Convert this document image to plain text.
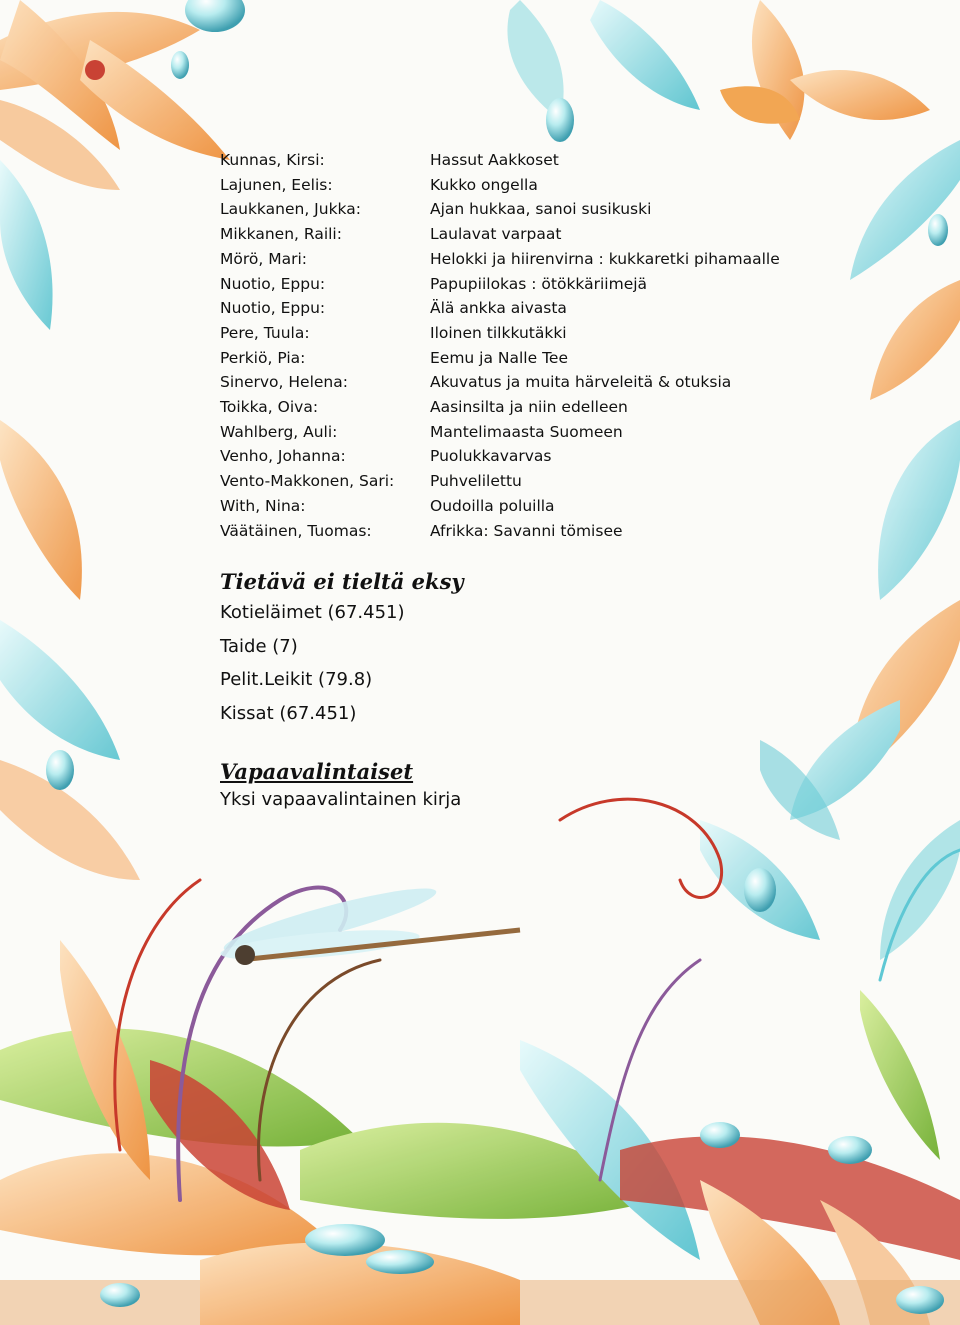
Kunnas, Kirsi:	Hassut Aakkoset
Lajunen, Eelis:	Kukko ongella
Laukkanen, Jukka:	Ajan hukkaa, sanoi susikuski
Mikkanen, Raili:	Laulavat varpaat
Mörö, Mari:	Helokki ja hiirenvirna : kukkaretki pihamaalle
Nuotio, Eppu:	Papupiilokas : ötökkäriimejä
Nuotio, Eppu:	Älä ankka aivasta
Pere, Tuula:	Iloinen tilkkutäkki
Perkiö, Pia:	Eemu ja Nalle Tee
Sinervo, Helena:	Akuvatus ja muita härveleitä & otuksia
Toikka, Oiva:	Aasinsilta ja niin edelleen
Wahlberg, Auli:	Mantelimaasta Suomeen
Venho, Johanna:	Puolukkavarvas
Vento-Makkonen, Sari:	Puhvelilettu
With, Nina:	Oudoilla poluilla
Väätäinen, Tuomas:	Afrikka: Savanni tömisee

Tietävä ei tieltä eksy

Kotieläimet (67.451)

Taide (7)

Pelit.Leikit (79.8)

Kissat (67.451)

Vapaavalintaiset

Yksi vapaavalintainen kirja
